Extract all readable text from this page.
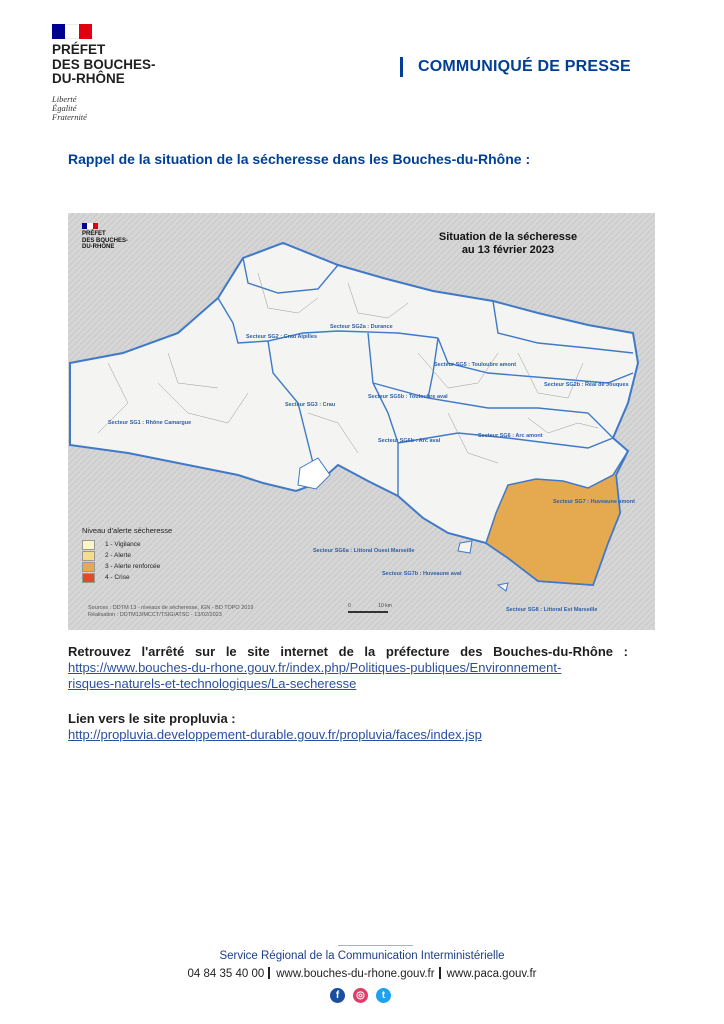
PRÉFET
DES BOUCHES-
DU-RHÔNE
Liberté
Égalité
Fraternité
COMMUNIQUÉ DE PRESSE
Rappel de la situation de la sécheresse dans les Bouches-du-Rhône :
PRÉFET
DES BOUCHES-
DU-RHÔNE
Situation de la sécheresse
au 13 février 2023
Secteur SG1 : Rhône Camargue
Secteur SG2 : Crau Alpilles
Secteur SG3 : Crau
Secteur SG2a : Durance
Secteur SG5 : Touloubre amont
Secteur SG5b : Touloubre aval
Secteur SG2b : Réal de Jouques
Secteur SG6 : Arc amont
Secteur SG6b : Arc aval
Secteur SG7 : Huveaune amont
Secteur SG6a : Littoral Ouest Marseille
Secteur SG7b : Huveaune aval
Secteur SG8 : Littoral Est Marseille
Niveau d'alerte sécheresse
1 - Vigilance
2 - Alerte
3 - Alerte renforcée
4 - Crise
0	10 km
Sources : DDTM 13 - niveaux de sécheresse, IGN - BD TOPO 2019
Réalisation : DDTM13/MCCT/TSIG/ATSC - 13/02/2023
Retrouvez l'arrêté sur le site internet de la préfecture des Bouches-du-Rhône :
https://www.bouches-du-rhone.gouv.fr/index.php/Politiques-publiques/Environnement-
risques-naturels-et-technologiques/La-secheresse
Lien vers le site propluvia :
http://propluvia.developpement-durable.gouv.fr/propluvia/faces/index.jsp
Service Régional de la Communication Interministérielle
04 84 35 40 00 www.bouches-du-rhone.gouv.fr www.paca.gouv.fr
f	◎	t
